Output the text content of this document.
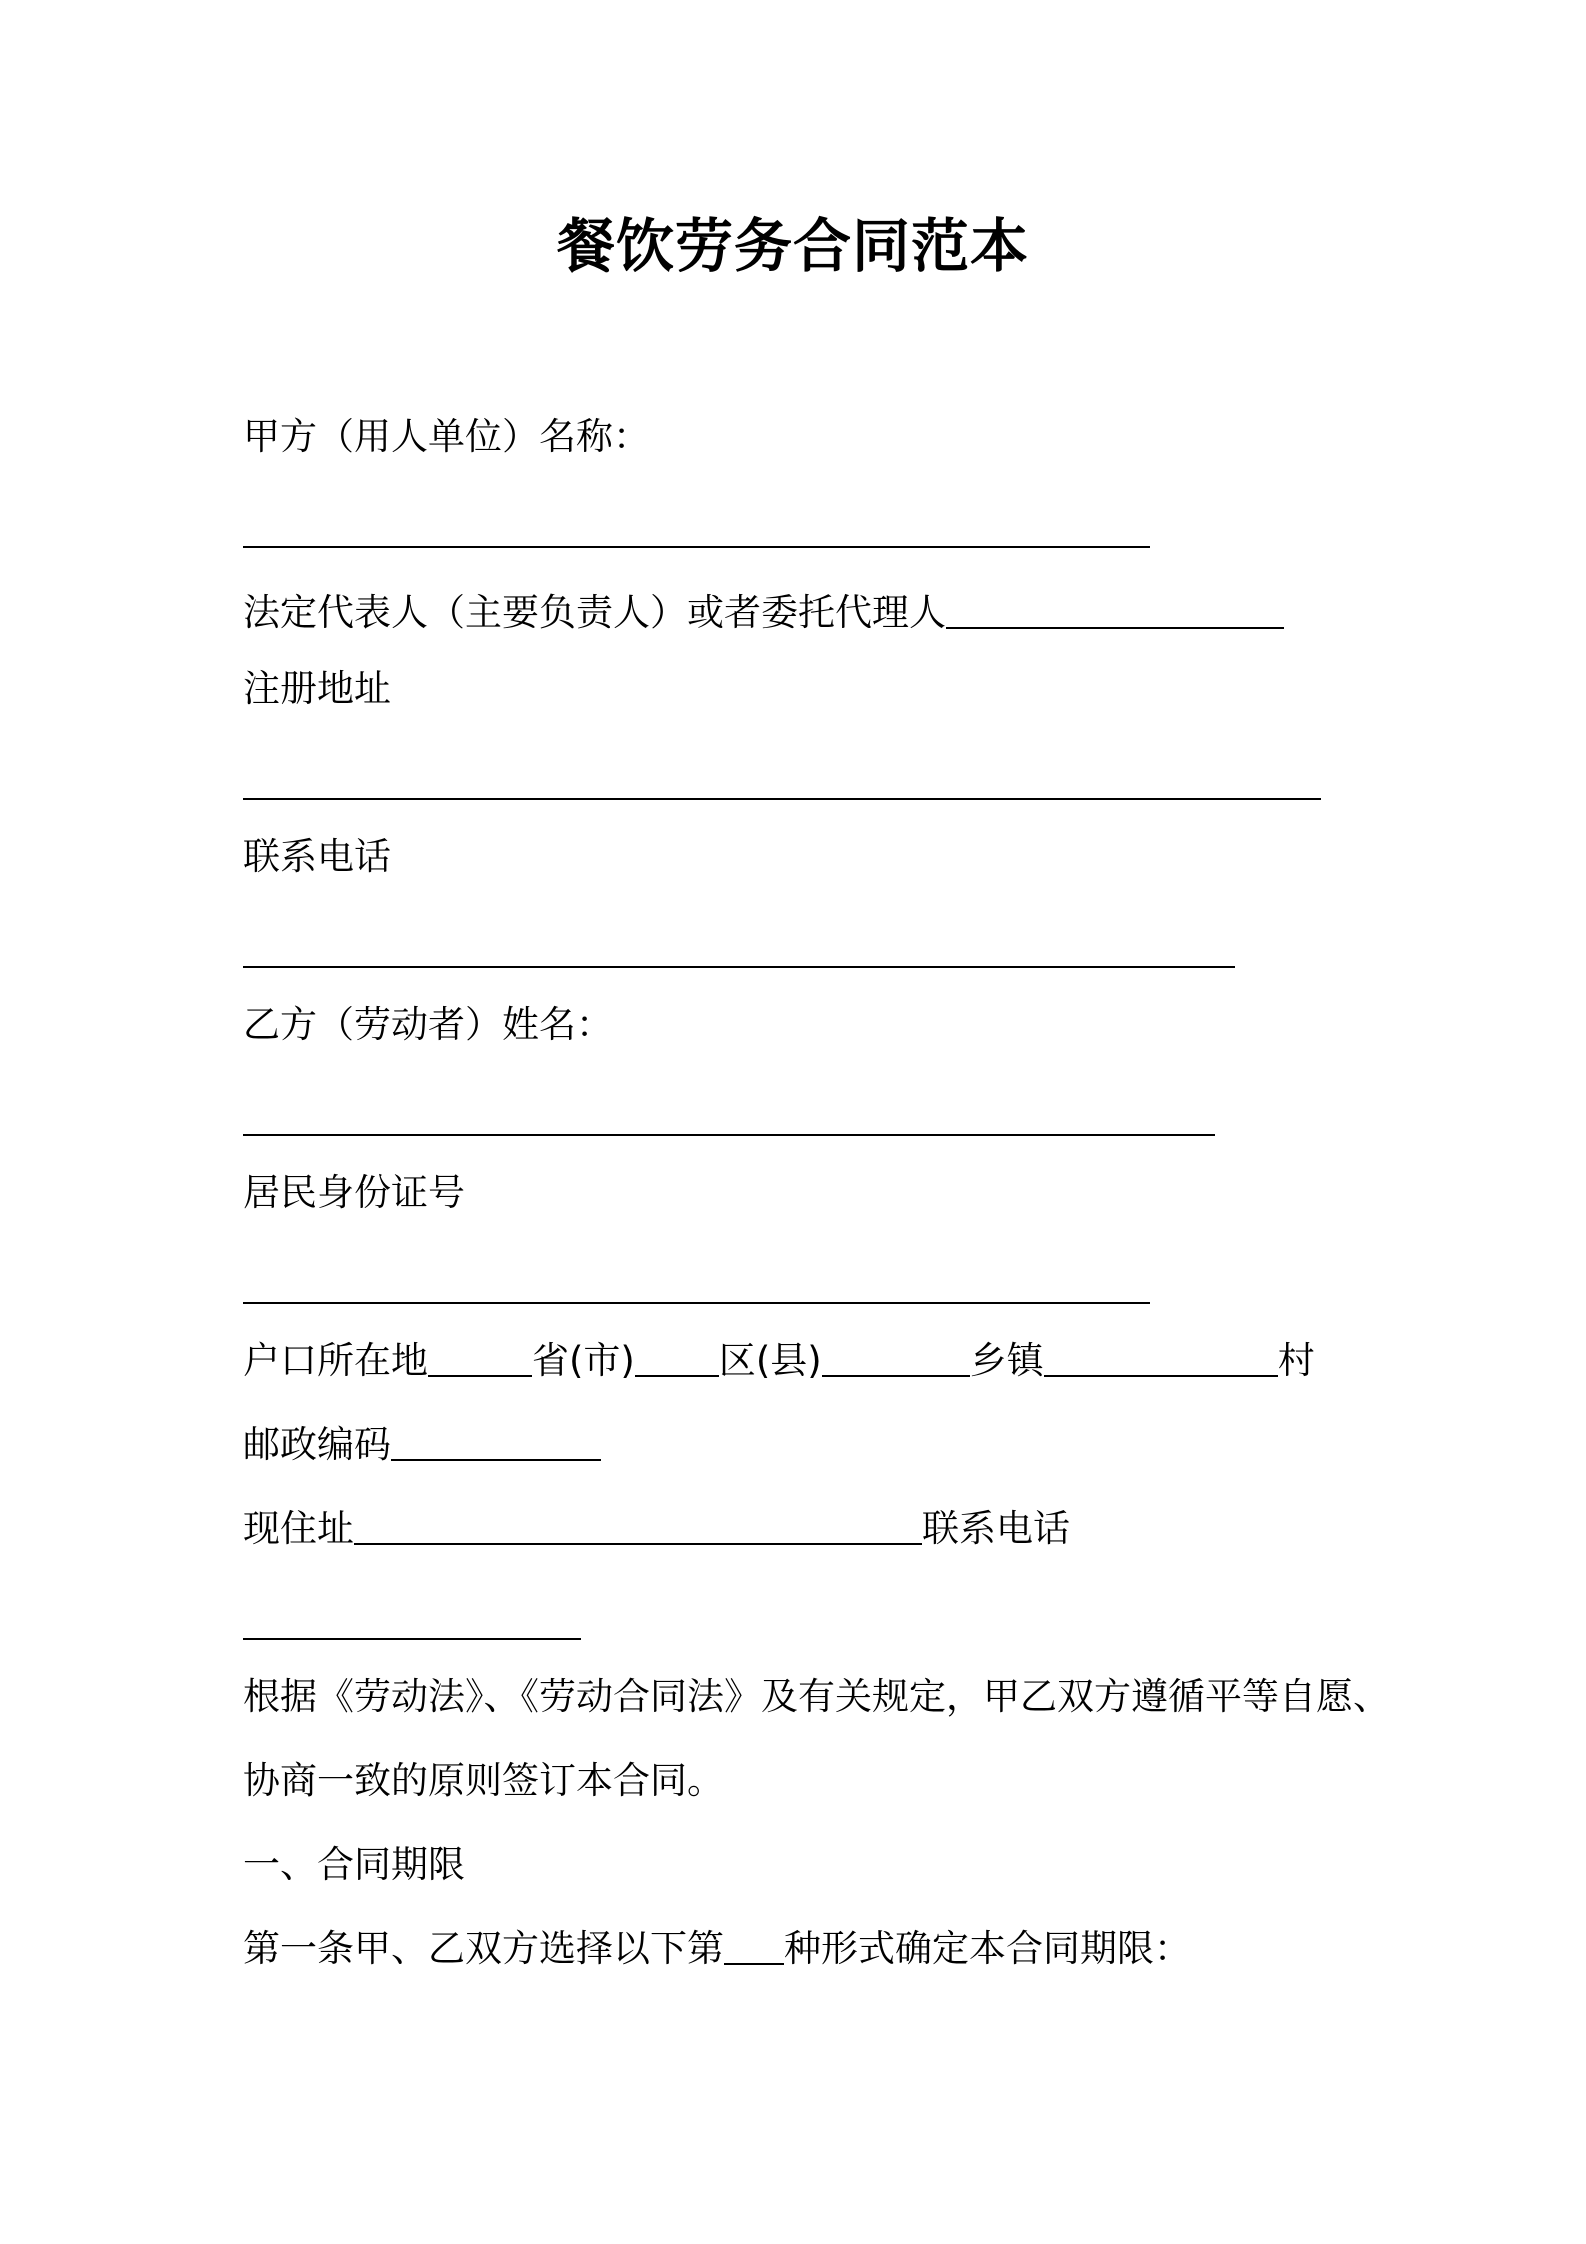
餐饮劳务合同范本
甲方（用人单位）名称：
法定代表人（主要负责人）或者委托代理人
注册地址
联系电话
乙方（劳动者）姓名：
居民身份证号
户口所在地	省(市) 区(县)	乡镇	村
邮政编码
现住址	联系电话
根据《劳动法》、《劳动合同法》及有关规定，甲乙双方遵循平等自愿、
协商一致的原则签订本合同。
一、合同期限
第一条甲、乙双方选择以下第 种形式确定本合同期限：
